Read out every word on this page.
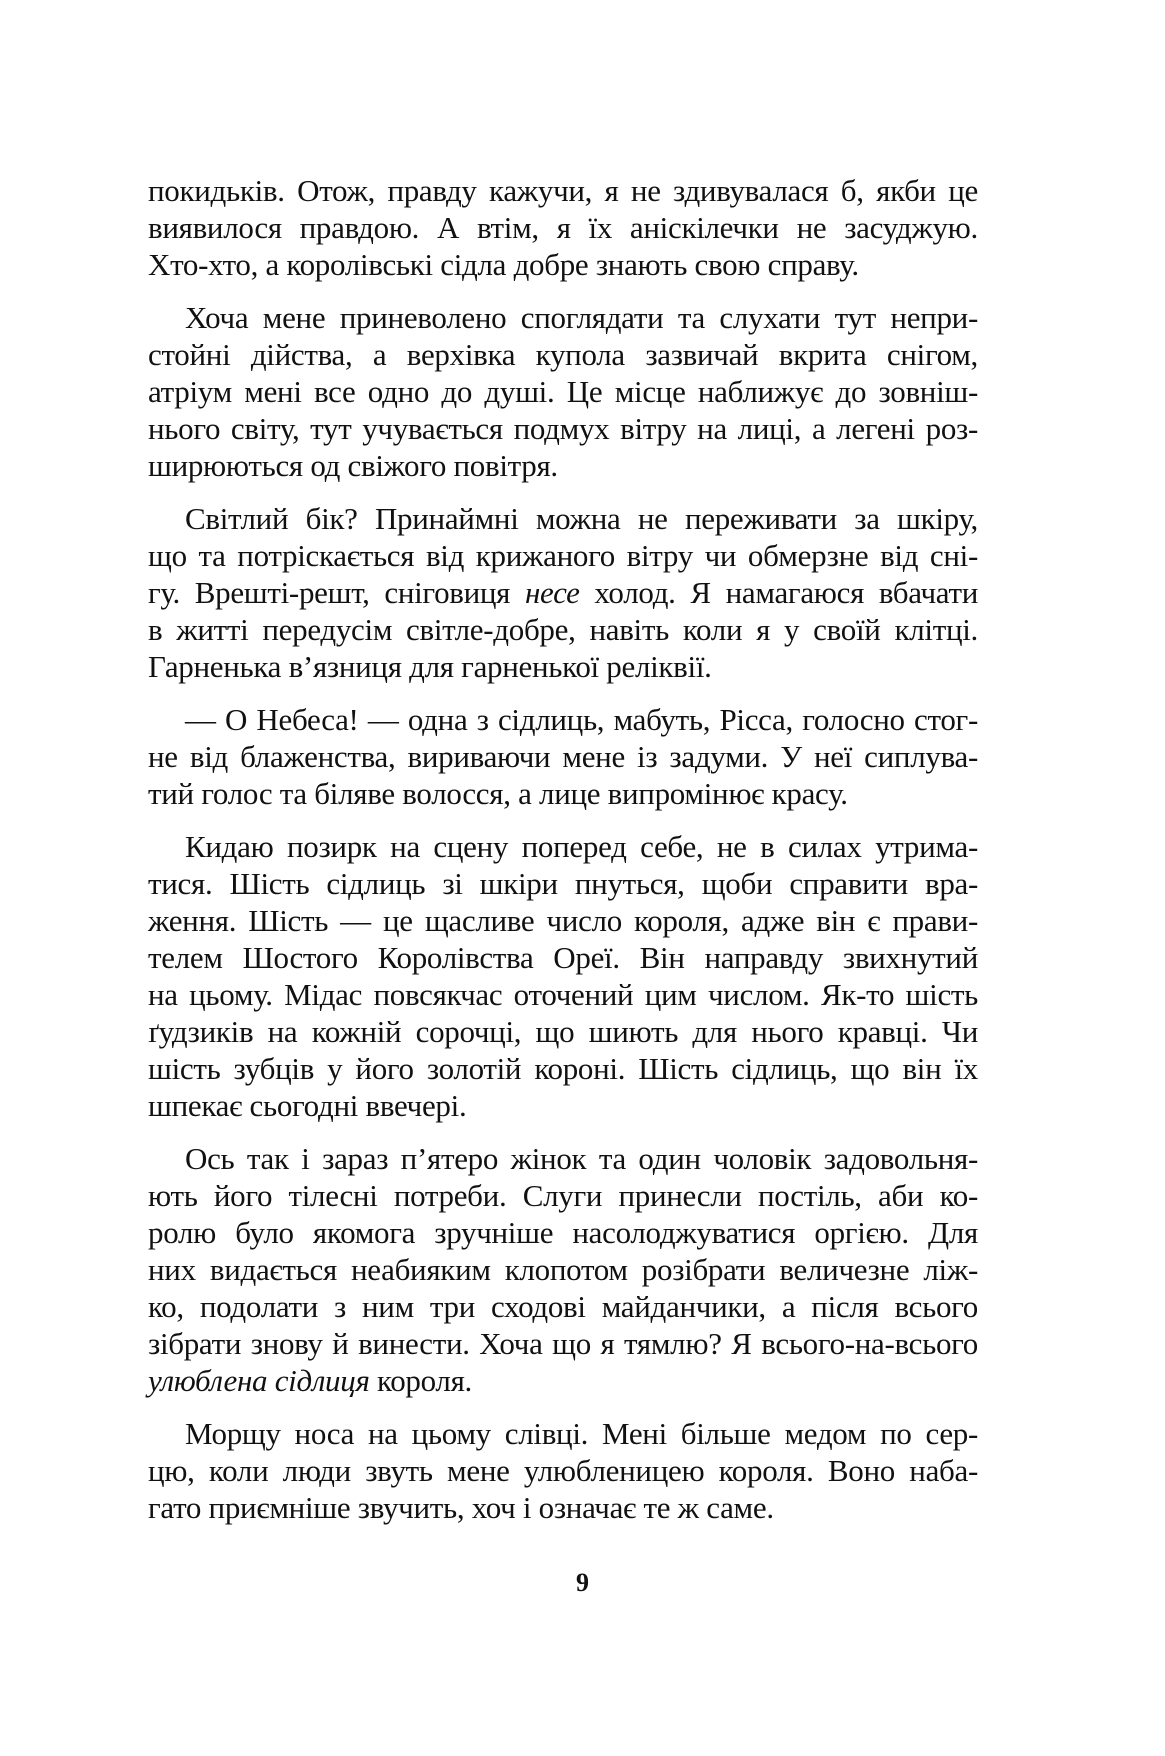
покидьків. Отож, правду кажучи, я не здивувалася б, якби це
виявилося правдою. А втім, я їх аніскілечки не засуджую.
Хто-хто, а королівські сідла добре знають свою справу.
Хоча мене приневолено споглядати та слухати тут непри-
стойні дійства, а верхівка купола зазвичай вкрита снігом,
атріум мені все одно до душі. Це місце наближує до зовніш-
нього світу, тут учувається подмух вітру на лиці, а легені роз-
ширюються од свіжого повітря.
Світлий бік? Принаймні можна не переживати за шкіру,
що та потріскається від крижаного вітру чи обмерзне від сні-
гу. Врешті-решт, сніговиця несе холод. Я намагаюся вбачати
в житті передусім світле-добре, навіть коли я у своїй клітці.
Гарненька в’язниця для гарненької реліквії.
— О Небеса! — одна з сідлиць, мабуть, Рісса, голосно стог-
не від блаженства, вириваючи мене із задуми. У неї сиплува-
тий голос та біляве волосся, а лице випромінює красу.
Кидаю позирк на сцену поперед себе, не в силах утрима-
тися. Шість сідлиць зі шкіри пнуться, щоби справити вра-
ження. Шість — це щасливе число короля, адже він є прави-
телем Шостого Королівства Ореї. Він направду звихнутий
на цьому. Мідас повсякчас оточений цим числом. Як-то шість
ґудзиків на кожній сорочці, що шиють для нього кравці. Чи
шість зубців у його золотій короні. Шість сідлиць, що він їх
шпекає сьогодні ввечері.
Ось так і зараз п’ятеро жінок та один чоловік задовольня-
ють його тілесні потреби. Слуги принесли постіль, аби ко-
ролю було якомога зручніше насолоджуватися оргією. Для
них видається неабияким клопотом розібрати величезне ліж-
ко, подолати з ним три сходові майданчики, а після всього
зібрати знову й винести. Хоча що я тямлю? Я всього-на-всього
улюблена сідлиця короля.
Морщу носа на цьому слівці. Мені більше медом по сер-
цю, коли люди звуть мене улюбленицею короля. Воно наба-
гато приємніше звучить, хоч і означає те ж саме.
9
